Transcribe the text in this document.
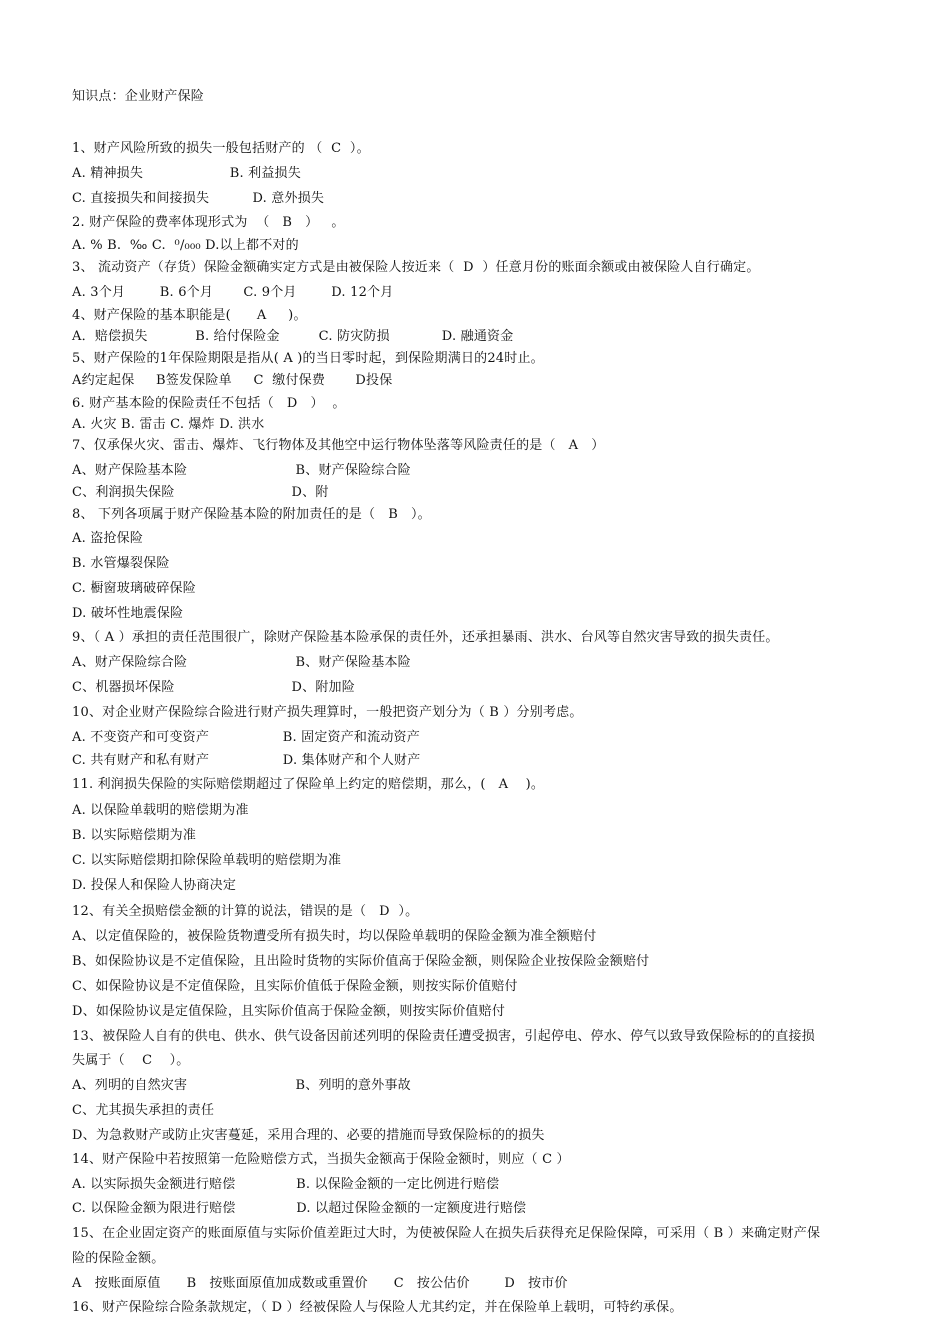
知识点：企业财产保险
1、财产风险所致的损失一般包括财产的 （  C  ）。
A. 精神损失                    B. 利益损失
C. 直接损失和间接损失          D. 意外损失
2. 财产保险的费率体现形式为  （   B   ）   。
A. % B.  ‰ C.  ⁰/₀₀₀ D.以上都不对的
3、 流动资产（存货）保险金额确实定方式是由被保险人按近来（  D  ）任意月份的账面余额或由被保险人自行确定。
A. 3个月        B. 6个月       C. 9个月        D. 12个月
4、财产保险的基本职能是(      A     )。
A．赔偿损失           B. 给付保险金         C. 防灾防损            D. 融通资金
5、财产保险的1年保险期限是指从( A )的当日零时起，到保险期满日的24时止。
A约定起保     B签发保险单     C  缴付保费       D投保
6. 财产基本险的保险责任不包括（   D   ）  。
A. 火灾 B. 雷击 C. 爆炸 D. 洪水
7、仅承保火灾、雷击、爆炸、飞行物体及其他空中运行物体坠落等风险责任的是（   A   ）
A、财产保险基本险                         B、财产保险综合险
C、利润损失保险                           D、附
8、 下列各项属于财产保险基本险的附加责任的是（   B   ）。
A. 盗抢保险
B. 水管爆裂保险
C. 橱窗玻璃破碎保险
D. 破坏性地震保险
9、（ A ）承担的责任范围很广，除财产保险基本险承保的责任外，还承担暴雨、洪水、台风等自然灾害导致的损失责任。
A、财产保险综合险                         B、财产保险基本险
C、机器损坏保险                           D、附加险
10、对企业财产保险综合险进行财产损失理算时，一般把资产划分为（ B ）分别考虑。
A. 不变资产和可变资产                 B. 固定资产和流动资产
C. 共有财产和私有财产                 D. 集体财产和个人财产
11. 利润损失保险的实际赔偿期超过了保险单上约定的赔偿期，那么，(   A    )。
A. 以保险单载明的赔偿期为准
B. 以实际赔偿期为准
C. 以实际赔偿期扣除保险单载明的赔偿期为准
D. 投保人和保险人协商决定
12、有关全损赔偿金额的计算的说法，错误的是（   D  ）。
A、以定值保险的，被保险货物遭受所有损失时，均以保险单载明的保险金额为准全额赔付
B、如保险协议是不定值保险，且出险时货物的实际价值高于保险金额，则保险企业按保险金额赔付
C、如保险协议是不定值保险，且实际价值低于保险金额，则按实际价值赔付
D、如保险协议是定值保险，且实际价值高于保险金额，则按实际价值赔付
13、被保险人自有的供电、供水、供气设备因前述列明的保险责任遭受损害，引起停电、停水、停气以致导致保险标的的直接损
失属于（    C    ）。
A、列明的自然灾害                         B、列明的意外事故
C、尤其损失承担的责任
D、为急救财产或防止灾害蔓延，采用合理的、必要的措施而导致保险标的的损失
14、财产保险中若按照第一危险赔偿方式，当损失金额高于保险金额时，则应（ C ）
A. 以实际损失金额进行赔偿              B. 以保险金额的一定比例进行赔偿
C. 以保险金额为限进行赔偿              D. 以超过保险金额的一定额度进行赔偿
15、在企业固定资产的账面原值与实际价值差距过大时，为使被保险人在损失后获得充足保险保障，可采用（ B ）来确定财产保
险的保险金额。
A   按账面原值      B   按账面原值加成数或重置价      C   按公估价        D   按市价
16、财产保险综合险条款规定，（ D ）经被保险人与保险人尤其约定，并在保险单上载明，可特约承保。
